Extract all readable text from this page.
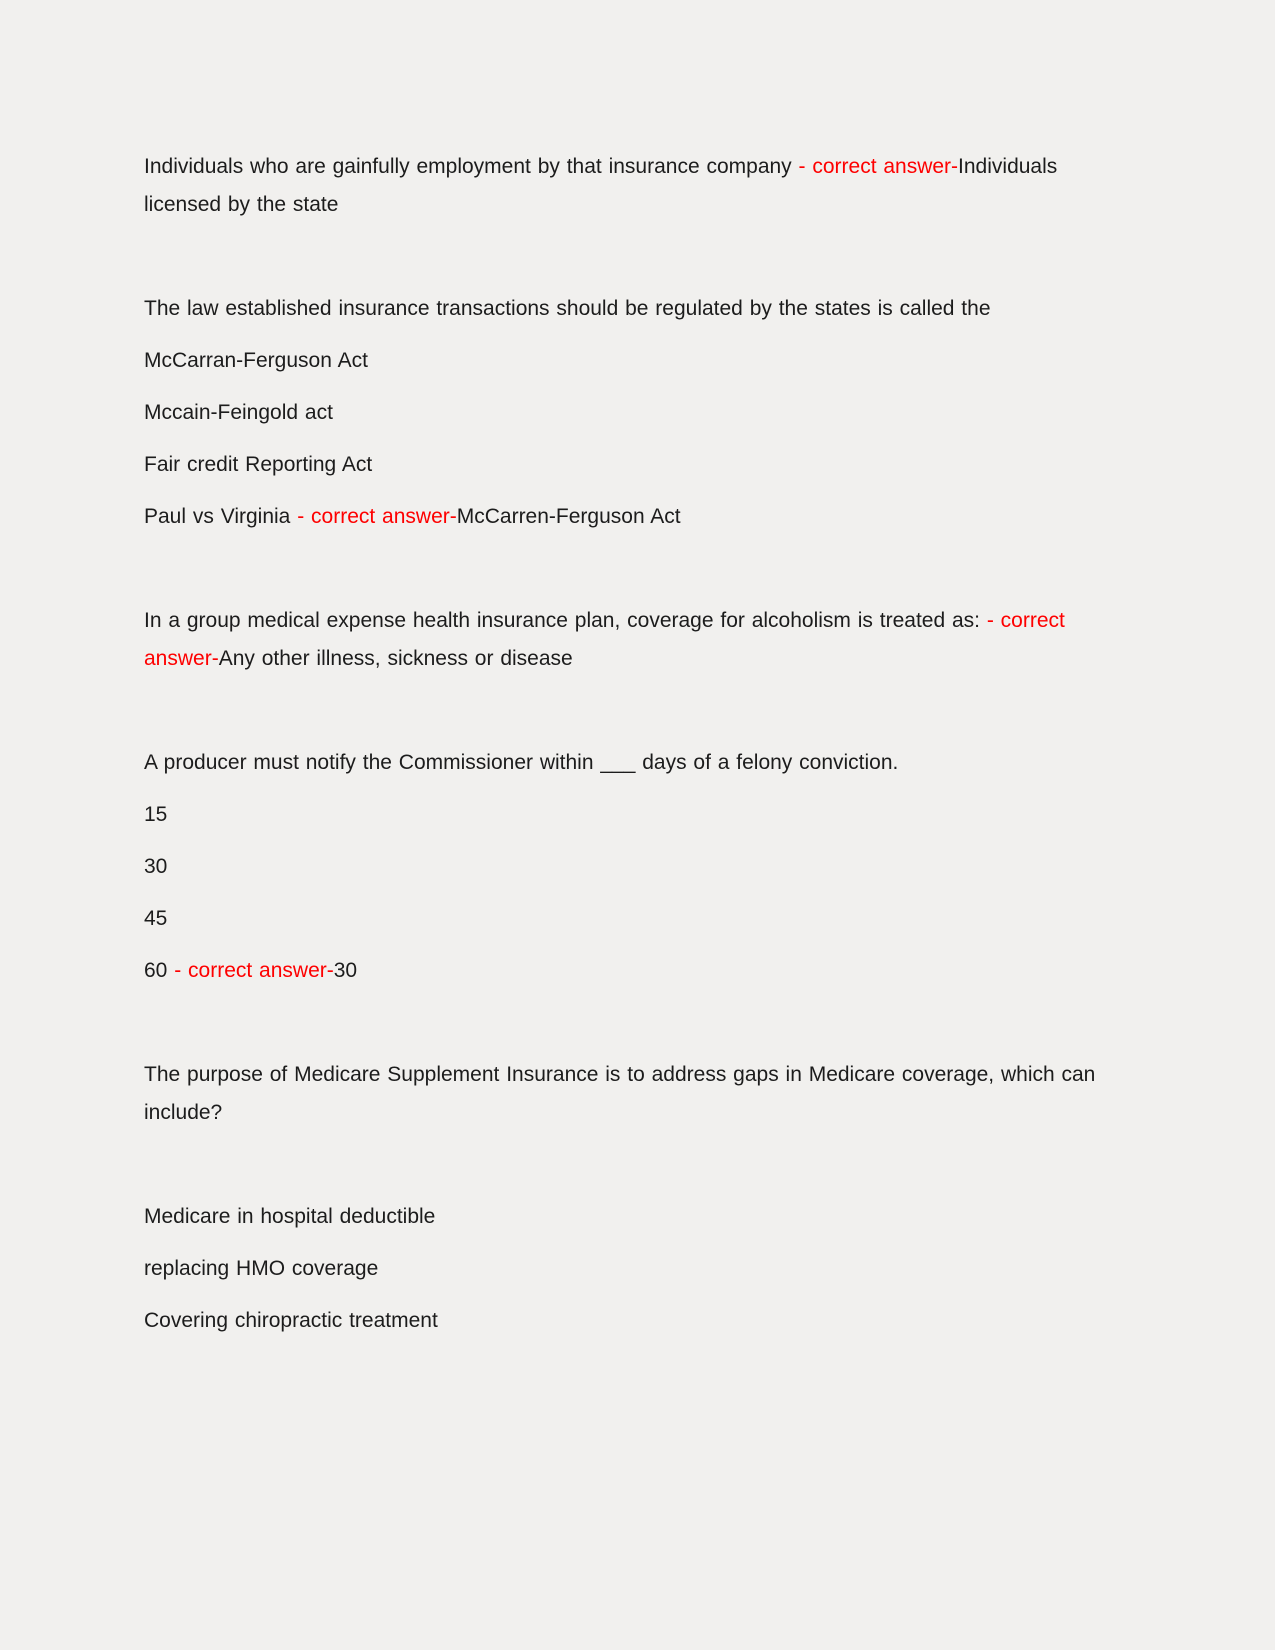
Individuals who are gainfully employment by that insurance company - correct answer-Individuals licensed by the state

The law established insurance transactions should be regulated by the states is called the

McCarran-Ferguson Act

Mccain-Feingold act

Fair credit Reporting Act

Paul vs Virginia - correct answer-McCarren-Ferguson Act

In a group medical expense health insurance plan, coverage for alcoholism is treated as: - correct answer-Any other illness, sickness or disease

A producer must notify the Commissioner within ___ days of a felony conviction.

15

30

45

60 - correct answer-30

The purpose of Medicare Supplement Insurance is to address gaps in Medicare coverage, which can include?

Medicare in hospital deductible

replacing HMO coverage

Covering chiropractic treatment
